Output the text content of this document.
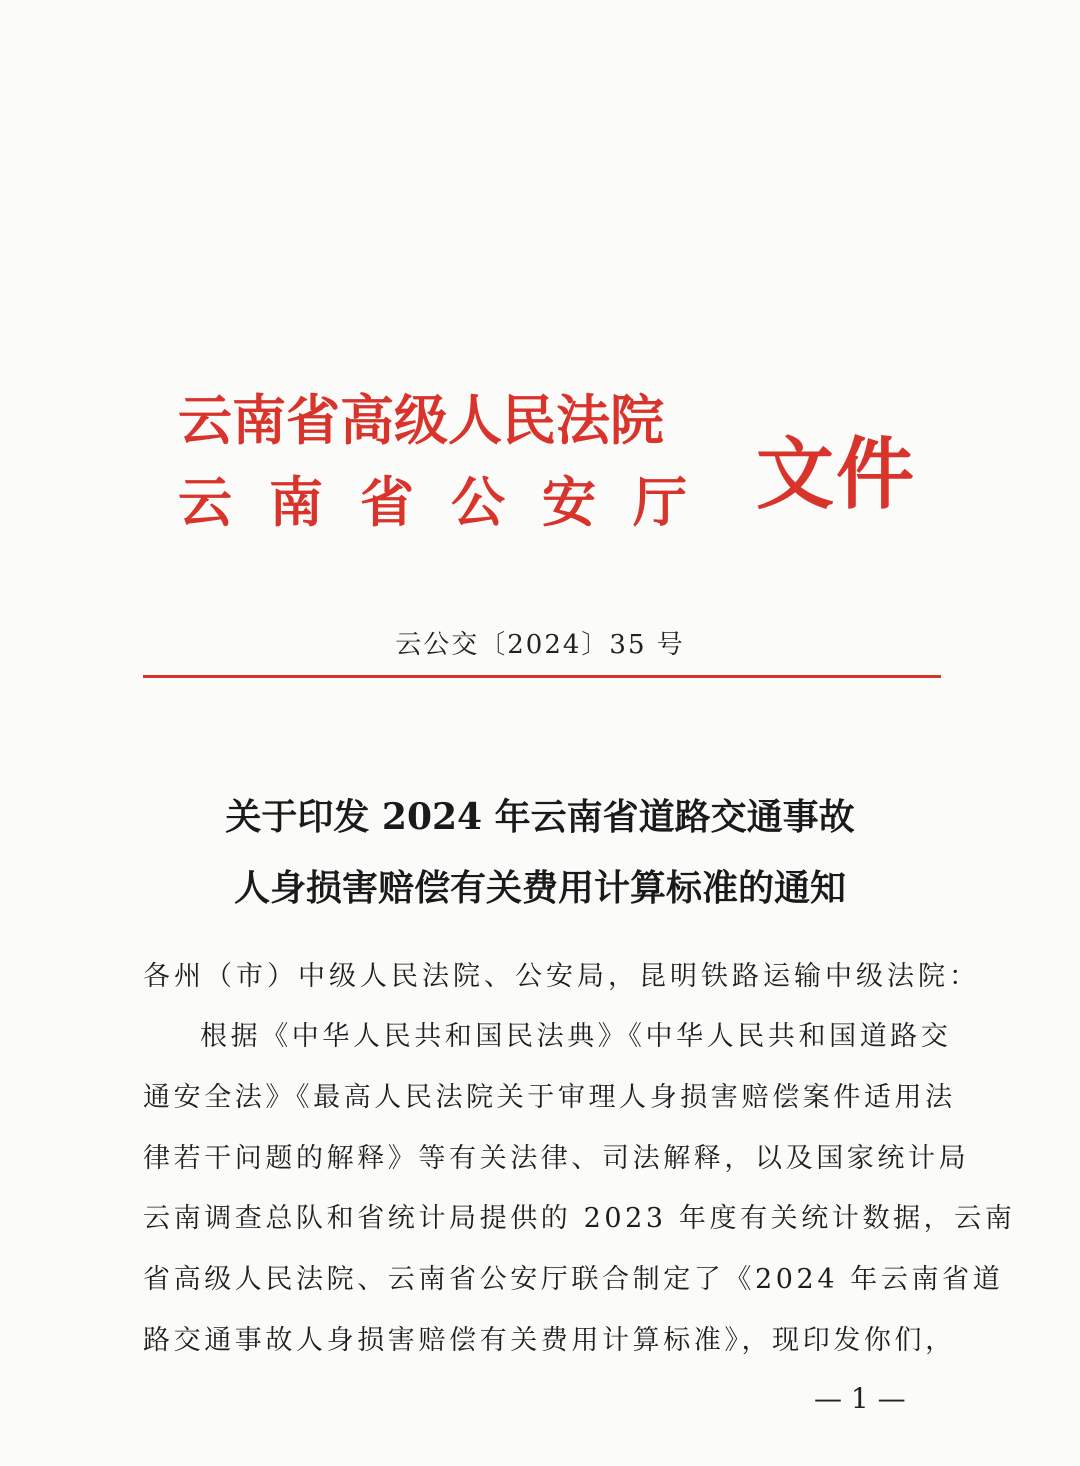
云南省高级人民法院
云南省公安厅 文件
云公交〔2024〕35 号
关于印发 2024 年云南省道路交通事故
人身损害赔偿有关费用计算标准的通知
各州（市）中级人民法院、公安局，昆明铁路运输中级法院：
根据《中华人民共和国民法典》《中华人民共和国道路交
通安全法》《最高人民法院关于审理人身损害赔偿案件适用法
律若干问题的解释》等有关法律、司法解释，以及国家统计局
云南调查总队和省统计局提供的 2023 年度有关统计数据，云南
省高级人民法院、云南省公安厅联合制定了《2024 年云南省道
路交通事故人身损害赔偿有关费用计算标准》，现印发你们，
— 1 —
